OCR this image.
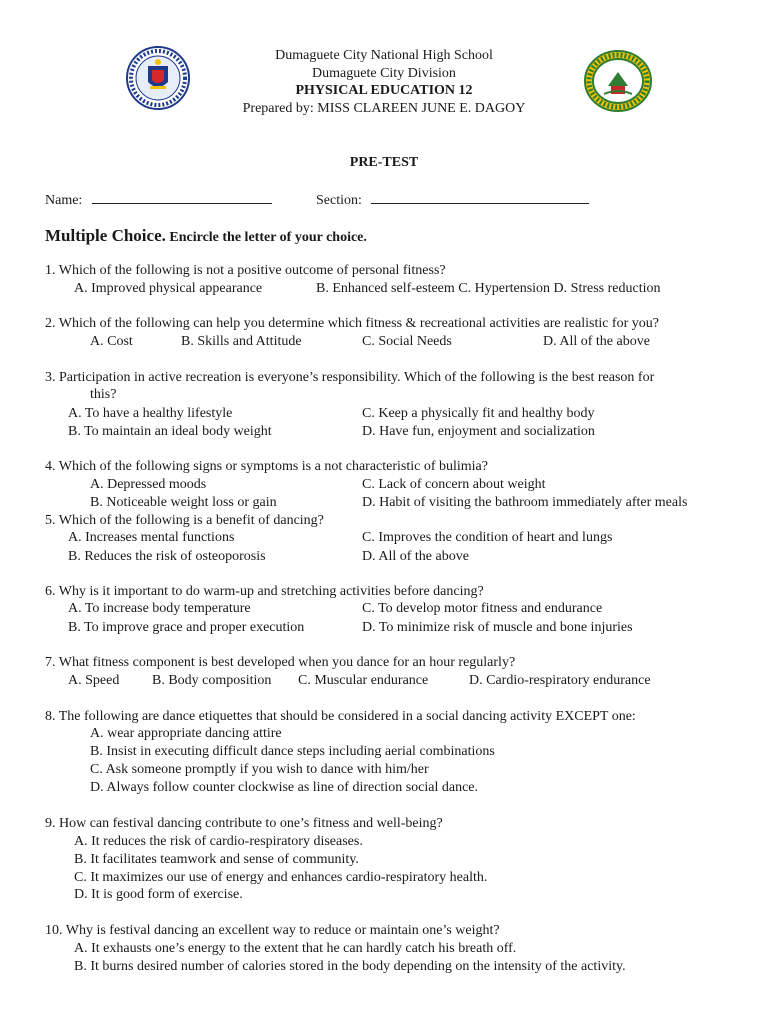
Dumaguete City National High School
Dumaguete City Division
PHYSICAL EDUCATION 12
Prepared by: MISS CLAREEN JUNE E. DAGOY
PRE-TEST
Name:	Section:
Multiple Choice. Encircle the letter of your choice.
1. Which of the following is not a positive outcome of personal fitness?
A. Improved physical appearance	B. Enhanced self-esteem C. Hypertension D. Stress reduction
2. Which of the following can help you determine which fitness & recreational activities are realistic for you?
A. Cost	B. Skills and Attitude	C. Social Needs	D. All of the above
3. Participation in active recreation is everyone’s responsibility. Which of the following is the best reason for
this?
A. To have a healthy lifestyle	C. Keep a physically fit and healthy body
B. To maintain an ideal body weight	D. Have fun, enjoyment and socialization
4. Which of the following signs or symptoms is a not characteristic of bulimia?
A. Depressed moods	C. Lack of concern about weight
B. Noticeable weight loss or gain	D. Habit of visiting the bathroom immediately after meals
5. Which of the following is a benefit of dancing?
A. Increases mental functions	C. Improves the condition of heart and lungs
B. Reduces the risk of osteoporosis	D. All of the above
6. Why is it important to do warm-up and stretching activities before dancing?
A. To increase body temperature	C. To develop motor fitness and endurance
B. To improve grace and proper execution	D. To minimize risk of muscle and bone injuries
7. What fitness component is best developed when you dance for an hour regularly?
A. Speed B. Body composition C. Muscular endurance	D. Cardio-respiratory endurance
8. The following are dance etiquettes that should be considered in a social dancing activity EXCEPT one:
A. wear appropriate dancing attire
B. Insist in executing difficult dance steps including aerial combinations
C. Ask someone promptly if you wish to dance with him/her
D. Always follow counter clockwise as line of direction social dance.
9. How can festival dancing contribute to one’s fitness and well-being?
A. It reduces the risk of cardio-respiratory diseases.
B. It facilitates teamwork and sense of community.
C. It maximizes our use of energy and enhances cardio-respiratory health.
D. It is good form of exercise.
10. Why is festival dancing an excellent way to reduce or maintain one’s weight?
A. It exhausts one’s energy to the extent that he can hardly catch his breath off.
B. It burns desired number of calories stored in the body depending on the intensity of the activity.
